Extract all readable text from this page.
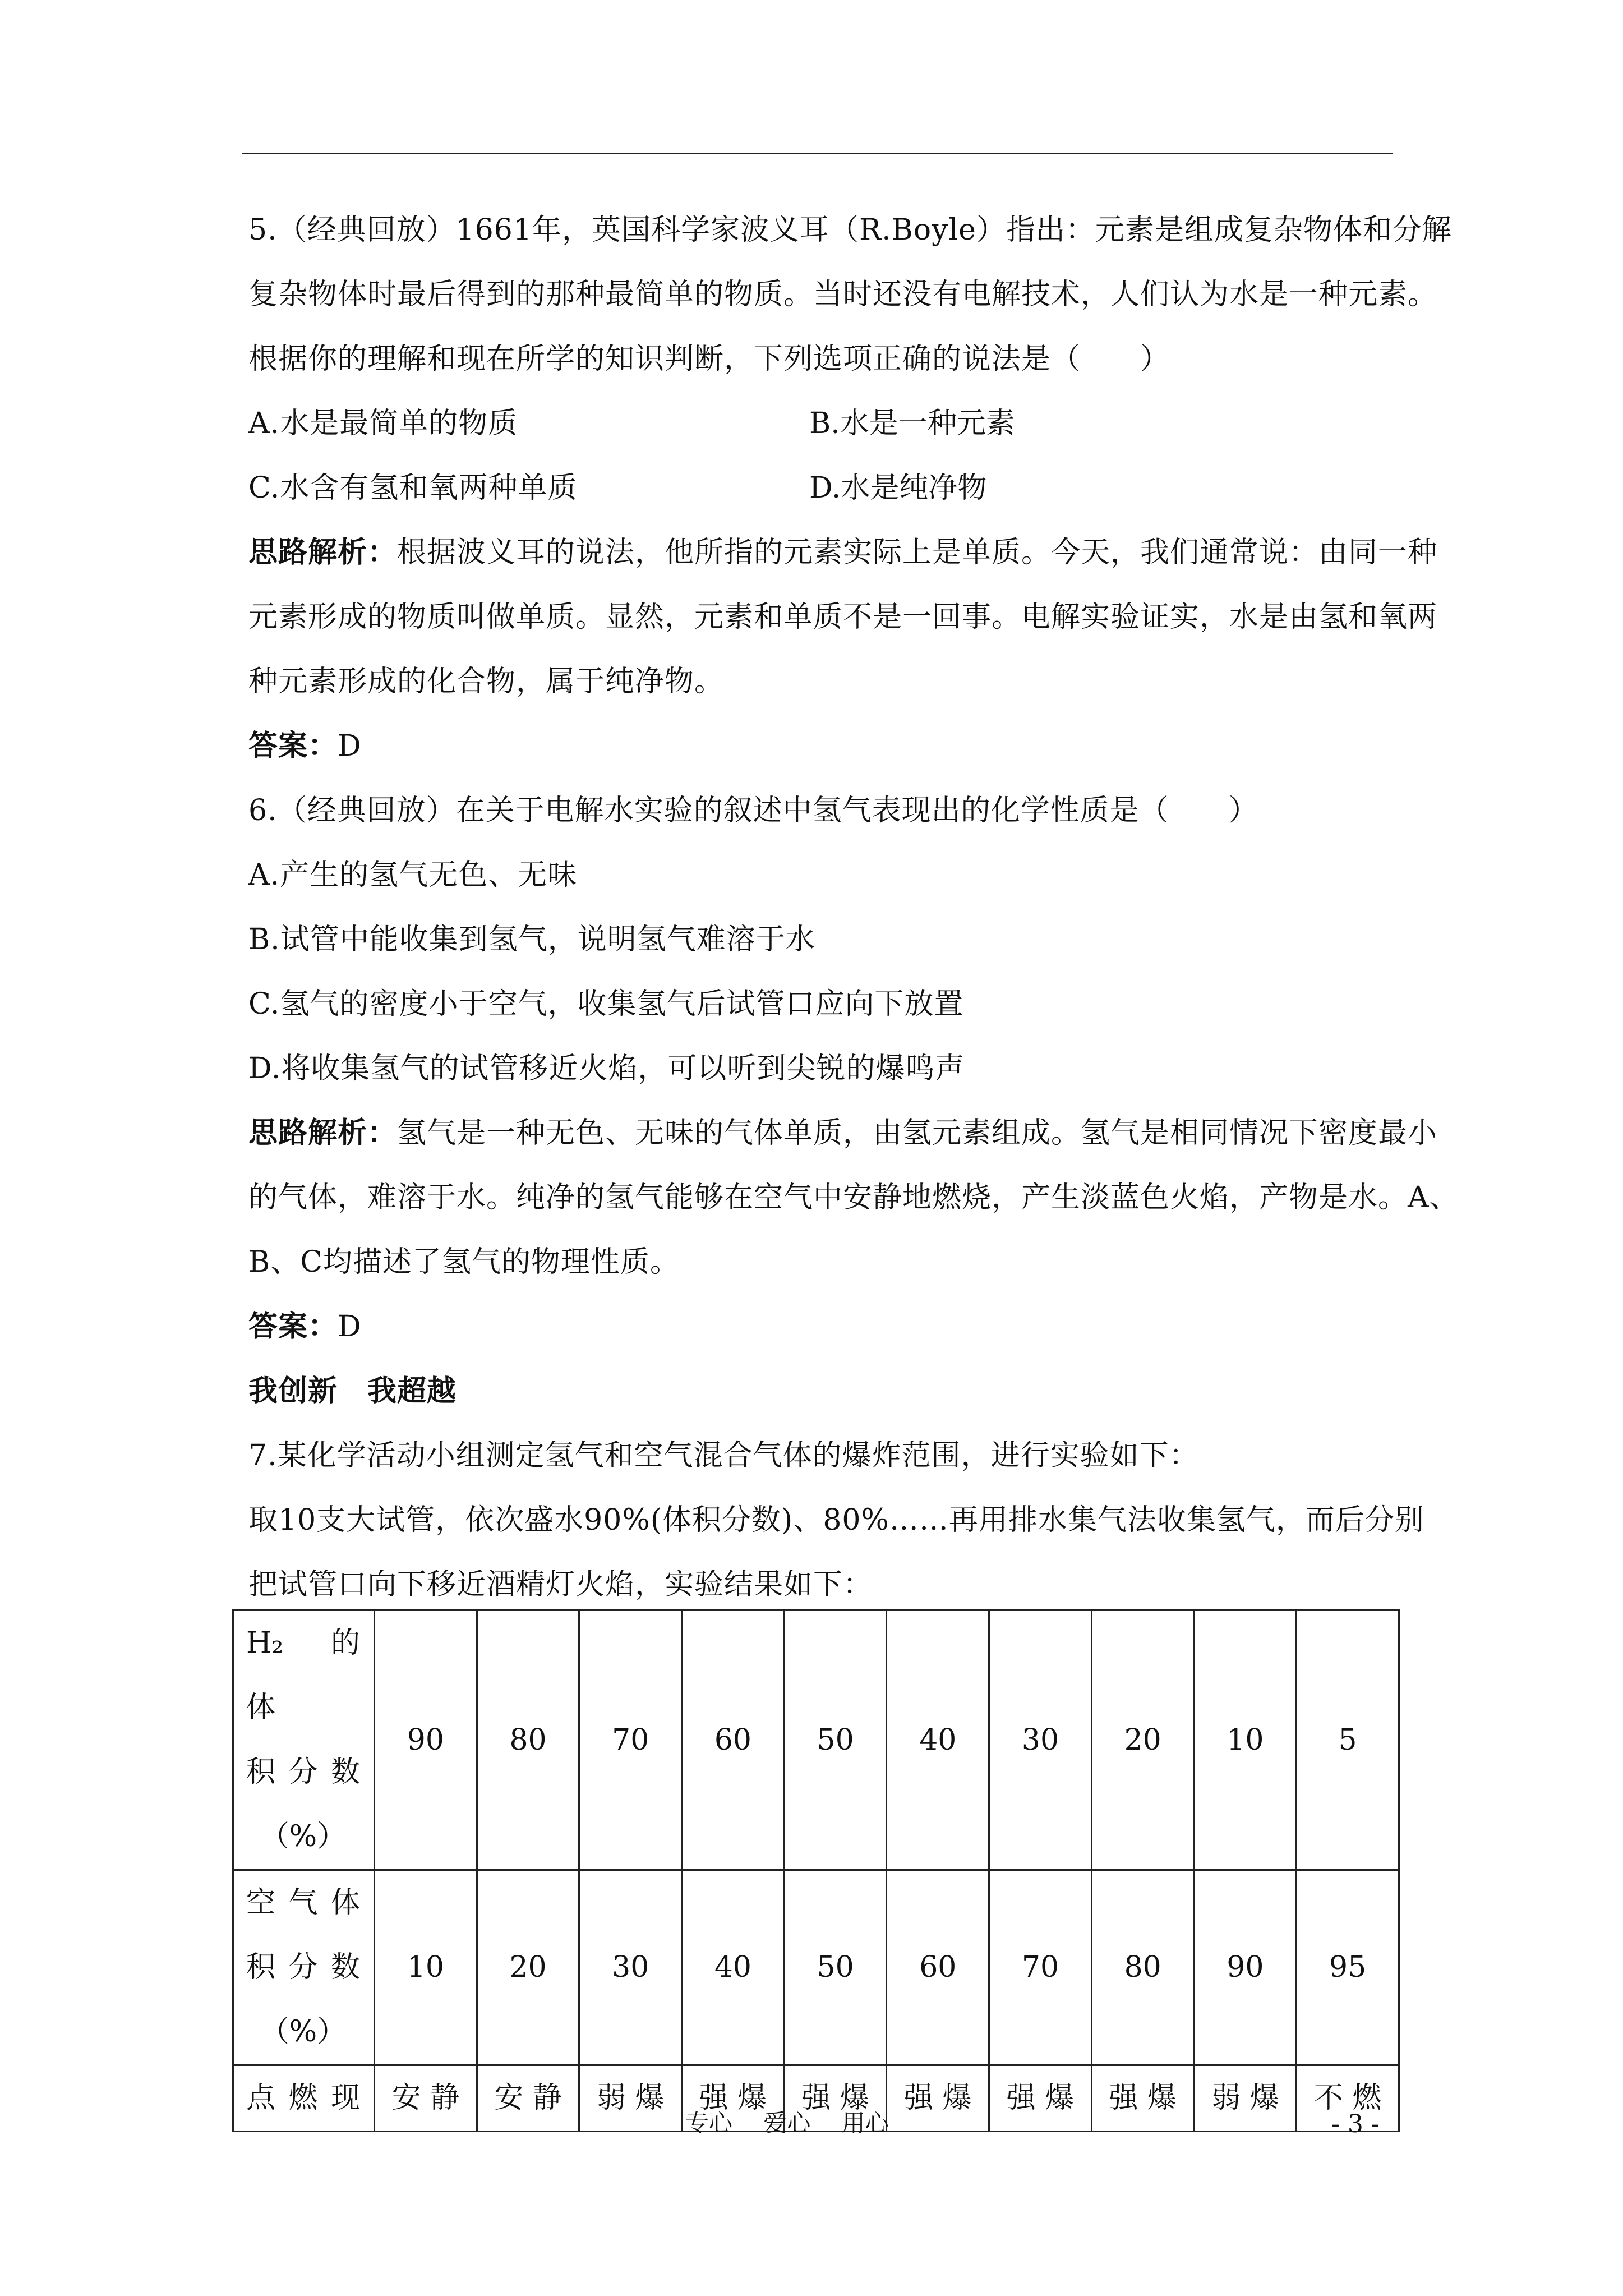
5.（经典回放）1661年，英国科学家波义耳（R.Boyle）指出：元素是组成复杂物体和分解
复杂物体时最后得到的那种最简单的物质。当时还没有电解技术，人们认为水是一种元素。
根据你的理解和现在所学的知识判断，下列选项正确的说法是（　　）
A.水是最简单的物质	B.水是一种元素
C.水含有氢和氧两种单质	D.水是纯净物
思路解析：根据波义耳的说法，他所指的元素实际上是单质。今天，我们通常说：由同一种
元素形成的物质叫做单质。显然，元素和单质不是一回事。电解实验证实，水是由氢和氧两
种元素形成的化合物，属于纯净物。
答案：D
6.（经典回放）在关于电解水实验的叙述中氢气表现出的化学性质是（　　）
A.产生的氢气无色、无味
B.试管中能收集到氢气，说明氢气难溶于水
C.氢气的密度小于空气，收集氢气后试管口应向下放置
D.将收集氢气的试管移近火焰，可以听到尖锐的爆鸣声
思路解析：氢气是一种无色、无味的气体单质，由氢元素组成。氢气是相同情况下密度最小
的气体，难溶于水。纯净的氢气能够在空气中安静地燃烧，产生淡蓝色火焰，产物是水。A、
B、C均描述了氢气的物理性质。
答案：D
我创新　我超越
7.某化学活动小组测定氢气和空气混合气体的爆炸范围，进行实验如下：
取10支大试管，依次盛水90%(体积分数)、80%……再用排水集气法收集氢气，而后分别
把试管口向下移近酒精灯火焰，实验结果如下：
H₂ 的 体
积 分 数
（%）	90	80	70	60	50	40	30	20	10	5

空 气 体
积 分 数
（%）	10	20	30	40	50	60	70	80	90	95

点 燃 现	安 静	安 静	弱 爆	强 爆	强 爆	强 爆	强 爆	强 爆	弱 爆	不 燃
专心　 爱心　 用心	- 3 -
